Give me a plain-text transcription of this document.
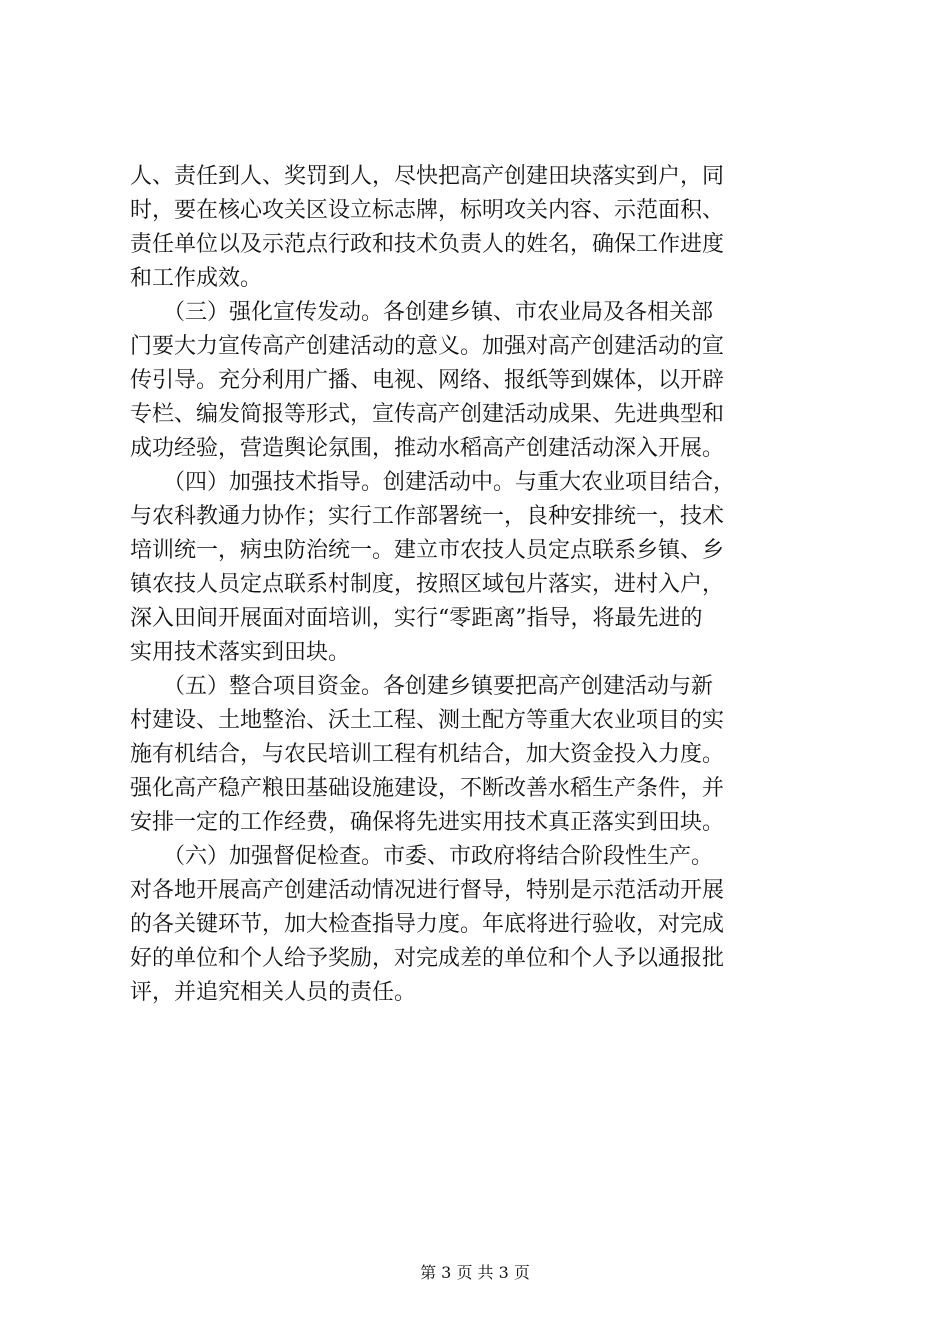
人、责任到人、奖罚到人，尽快把高产创建田块落实到户，同
时，要在核心攻关区设立标志牌，标明攻关内容、示范面积、
责任单位以及示范点行政和技术负责人的姓名，确保工作进度
和工作成效。
　　（三）强化宣传发动。各创建乡镇、市农业局及各相关部
门要大力宣传高产创建活动的意义。加强对高产创建活动的宣
传引导。充分利用广播、电视、网络、报纸等到媒体，以开辟
专栏、编发简报等形式，宣传高产创建活动成果、先进典型和
成功经验，营造舆论氛围，推动水稻高产创建活动深入开展。
　　（四）加强技术指导。创建活动中。与重大农业项目结合，
与农科教通力协作；实行工作部署统一，良种安排统一，技术
培训统一，病虫防治统一。建立市农技人员定点联系乡镇、乡
镇农技人员定点联系村制度，按照区域包片落实，进村入户，
深入田间开展面对面培训，实行“零距离”指导，将最先进的
实用技术落实到田块。
　　（五）整合项目资金。各创建乡镇要把高产创建活动与新
村建设、土地整治、沃土工程、测土配方等重大农业项目的实
施有机结合，与农民培训工程有机结合，加大资金投入力度。
强化高产稳产粮田基础设施建设，不断改善水稻生产条件，并
安排一定的工作经费，确保将先进实用技术真正落实到田块。
　　（六）加强督促检查。市委、市政府将结合阶段性生产。
对各地开展高产创建活动情况进行督导，特别是示范活动开展
的各关键环节，加大检查指导力度。年底将进行验收，对完成
好的单位和个人给予奖励，对完成差的单位和个人予以通报批
评，并追究相关人员的责任。
第 3 页 共 3 页
